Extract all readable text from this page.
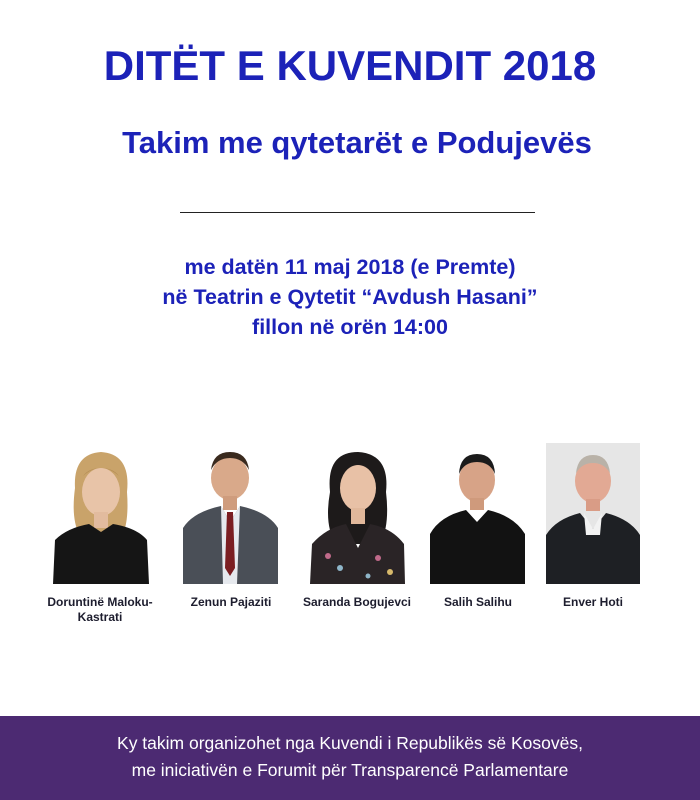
DITËT E KUVENDIT 2018
Takim me qytetarët e Podujevës
me datën 11 maj 2018 (e Premte)
në Teatrin e Qytetit “Avdush Hasani”
fillon në orën 14:00
Doruntinë Maloku-
Kastrati
Zenun Pajaziti	Saranda Bogujevci	Salih Salihu	Enver Hoti
Ky takim organizohet nga Kuvendi i Republikës së Kosovës,
me iniciativën e Forumit për Transparencë Parlamentare
